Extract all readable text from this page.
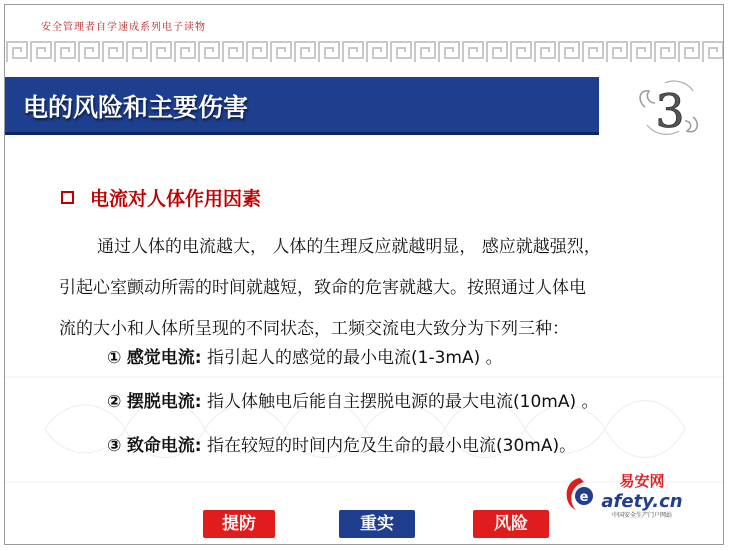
安全管理者自学速成系列电子读物
电的风险和主要伤害	3
电流对人体作用因素
通过人体的电流越大， 人体的生理反应就越明显， 感应就越强烈，
引起心室颤动所需的时间就越短，致命的危害就越大。按照通过人体电
流的大小和人体所呈现的不同状态，工频交流电大致分为下列三种：
① 感觉电流: 指引起人的感觉的最小电流(1-3mA) 。
② 摆脱电流: 指人体触电后能自主摆脱电源的最大电流(10mA) 。
③ 致命电流: 指在较短的时间内危及生命的最小电流(30mA)。
e
易安网
afety.cn
中国安全生产门户网站
提防	重实	风险
